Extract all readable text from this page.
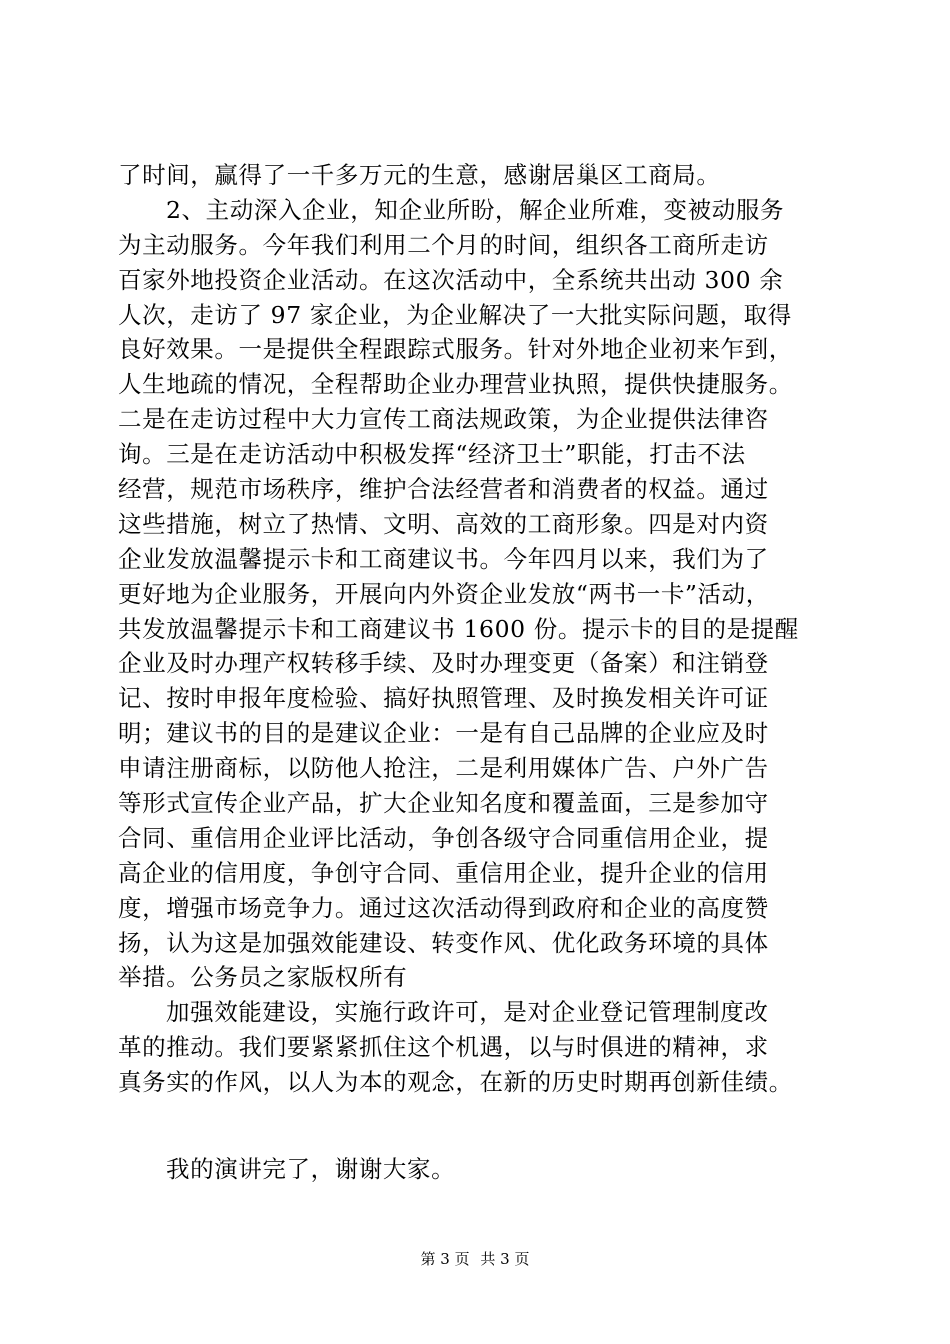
了时间，赢得了一千多万元的生意，感谢居巢区工商局。
2、主动深入企业，知企业所盼，解企业所难，变被动服务
为主动服务。今年我们利用二个月的时间，组织各工商所走访
百家外地投资企业活动。在这次活动中，全系统共出动 300 余
人次，走访了 97 家企业，为企业解决了一大批实际问题，取得
良好效果。一是提供全程跟踪式服务。针对外地企业初来乍到，
人生地疏的情况，全程帮助企业办理营业执照，提供快捷服务。
二是在走访过程中大力宣传工商法规政策，为企业提供法律咨
询。三是在走访活动中积极发挥“经济卫士”职能，打击不法
经营，规范市场秩序，维护合法经营者和消费者的权益。通过
这些措施，树立了热情、文明、高效的工商形象。四是对内资
企业发放温馨提示卡和工商建议书。今年四月以来，我们为了
更好地为企业服务，开展向内外资企业发放“两书一卡”活动，
共发放温馨提示卡和工商建议书 1600 份。提示卡的目的是提醒
企业及时办理产权转移手续、及时办理变更（备案）和注销登
记、按时申报年度检验、搞好执照管理、及时换发相关许可证
明；建议书的目的是建议企业：一是有自己品牌的企业应及时
申请注册商标，以防他人抢注，二是利用媒体广告、户外广告
等形式宣传企业产品，扩大企业知名度和覆盖面，三是参加守
合同、重信用企业评比活动，争创各级守合同重信用企业，提
高企业的信用度，争创守合同、重信用企业，提升企业的信用
度，增强市场竞争力。通过这次活动得到政府和企业的高度赞
扬，认为这是加强效能建设、转变作风、优化政务环境的具体
举措。公务员之家版权所有
加强效能建设，实施行政许可，是对企业登记管理制度改
革的推动。我们要紧紧抓住这个机遇，以与时俱进的精神，求
真务实的作风，以人为本的观念，在新的历史时期再创新佳绩。
我的演讲完了，谢谢大家。
第 3 页 共 3 页
